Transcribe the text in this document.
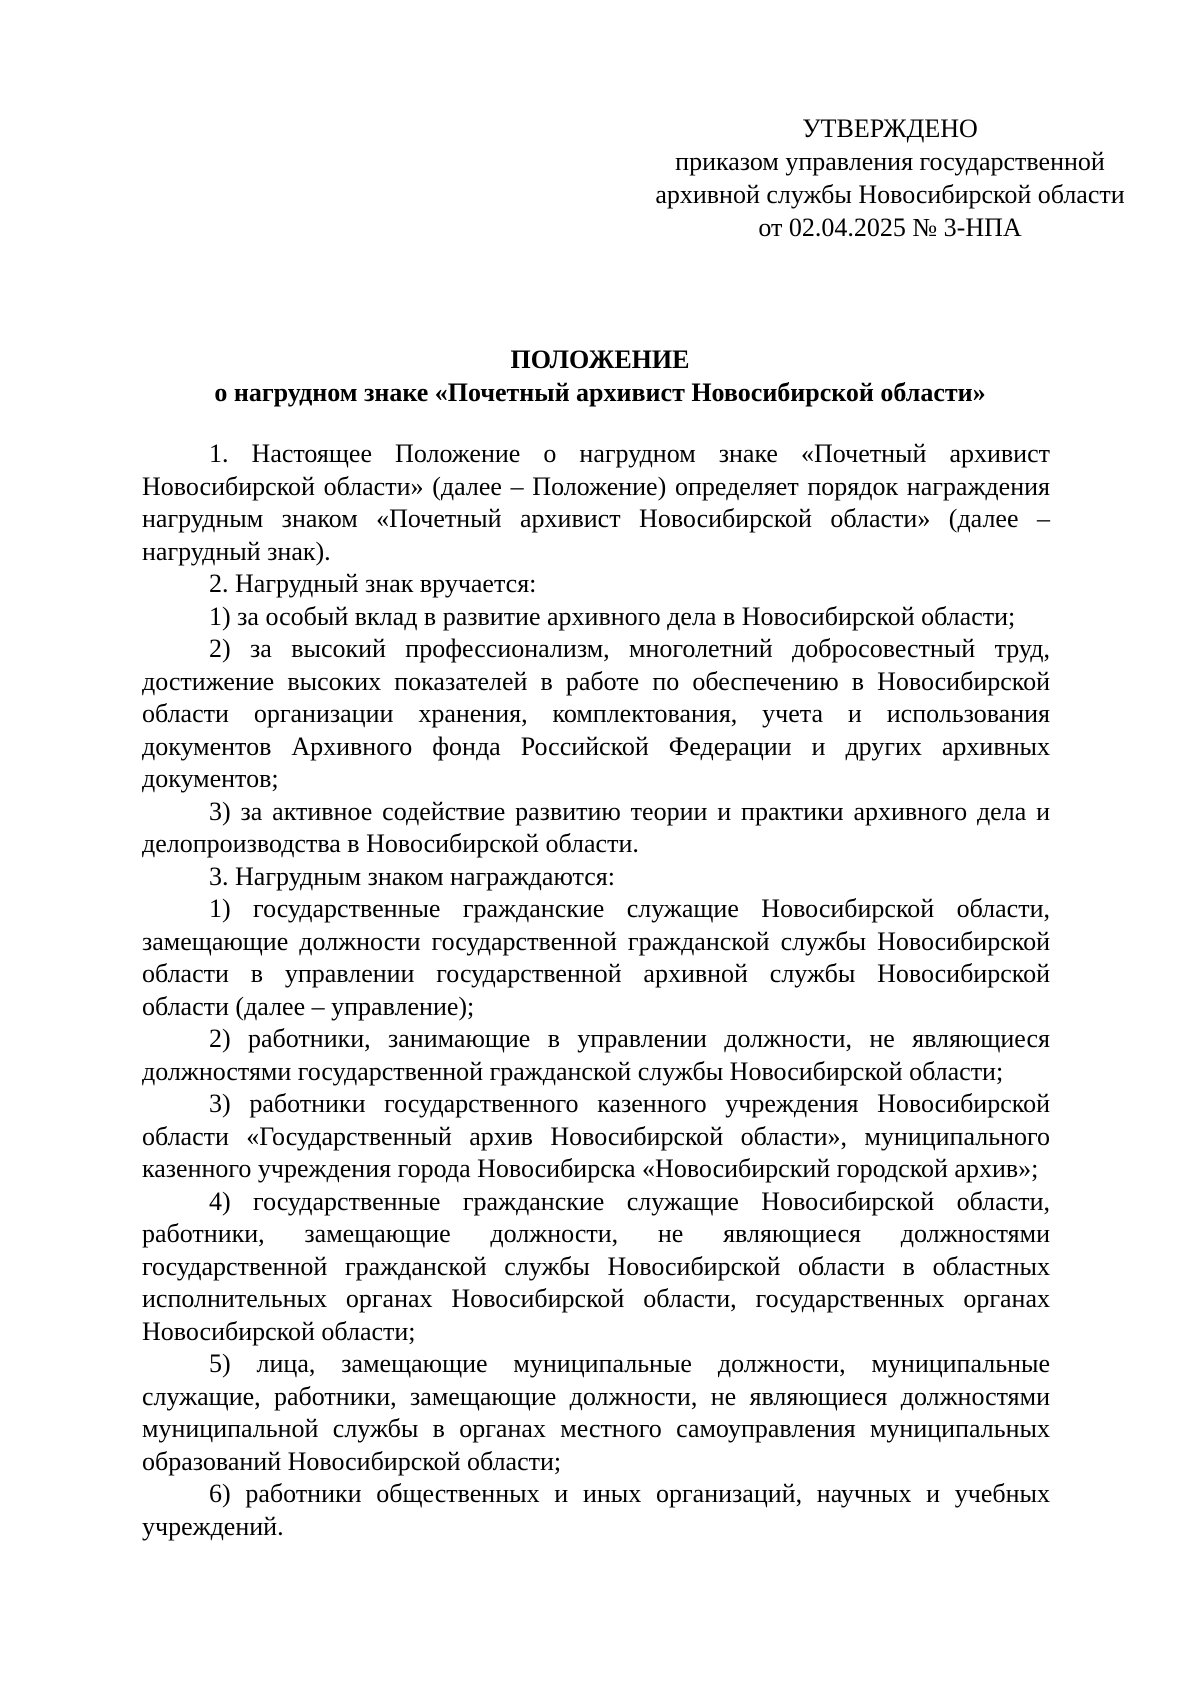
УТВЕРЖДЕНО
приказом управления государственной
архивной службы Новосибирской области
от 02.04.2025 № 3-НПА
ПОЛОЖЕНИЕ
о нагрудном знаке «Почетный архивист Новосибирской области»

1. Настоящее Положение о нагрудном знаке «Почетный архивист Новосибирской области» (далее – Положение) определяет порядок награждения нагрудным знаком «Почетный архивист Новосибирской области» (далее – нагрудный знак).

2. Нагрудный знак вручается:

1) за особый вклад в развитие архивного дела в Новосибирской области;

2) за высокий профессионализм, многолетний добросовестный труд, достижение высоких показателей в работе по обеспечению в Новосибирской области организации хранения, комплектования, учета и использования документов Архивного фонда Российской Федерации и других архивных документов;

3) за активное содействие развитию теории и практики архивного дела и делопроизводства в Новосибирской области.

3. Нагрудным знаком награждаются:

1) государственные гражданские служащие Новосибирской области, замещающие должности государственной гражданской службы Новосибирской области в управлении государственной архивной службы Новосибирской области (далее – управление);

2) работники, занимающие в управлении должности, не являющиеся должностями государственной гражданской службы Новосибирской области;

3) работники государственного казенного учреждения Новосибирской области «Государственный архив Новосибирской области», муниципального казенного учреждения города Новосибирска «Новосибирский городской архив»;

4) государственные гражданские служащие Новосибирской области, работники, замещающие должности, не являющиеся должностями государственной гражданской службы Новосибирской области в областных исполнительных органах Новосибирской области, государственных органах Новосибирской области;

5) лица, замещающие муниципальные должности, муниципальные служащие, работники, замещающие должности, не являющиеся должностями муниципальной службы в органах местного самоуправления муниципальных образований Новосибирской области;

6) работники общественных и иных организаций, научных и учебных учреждений.
